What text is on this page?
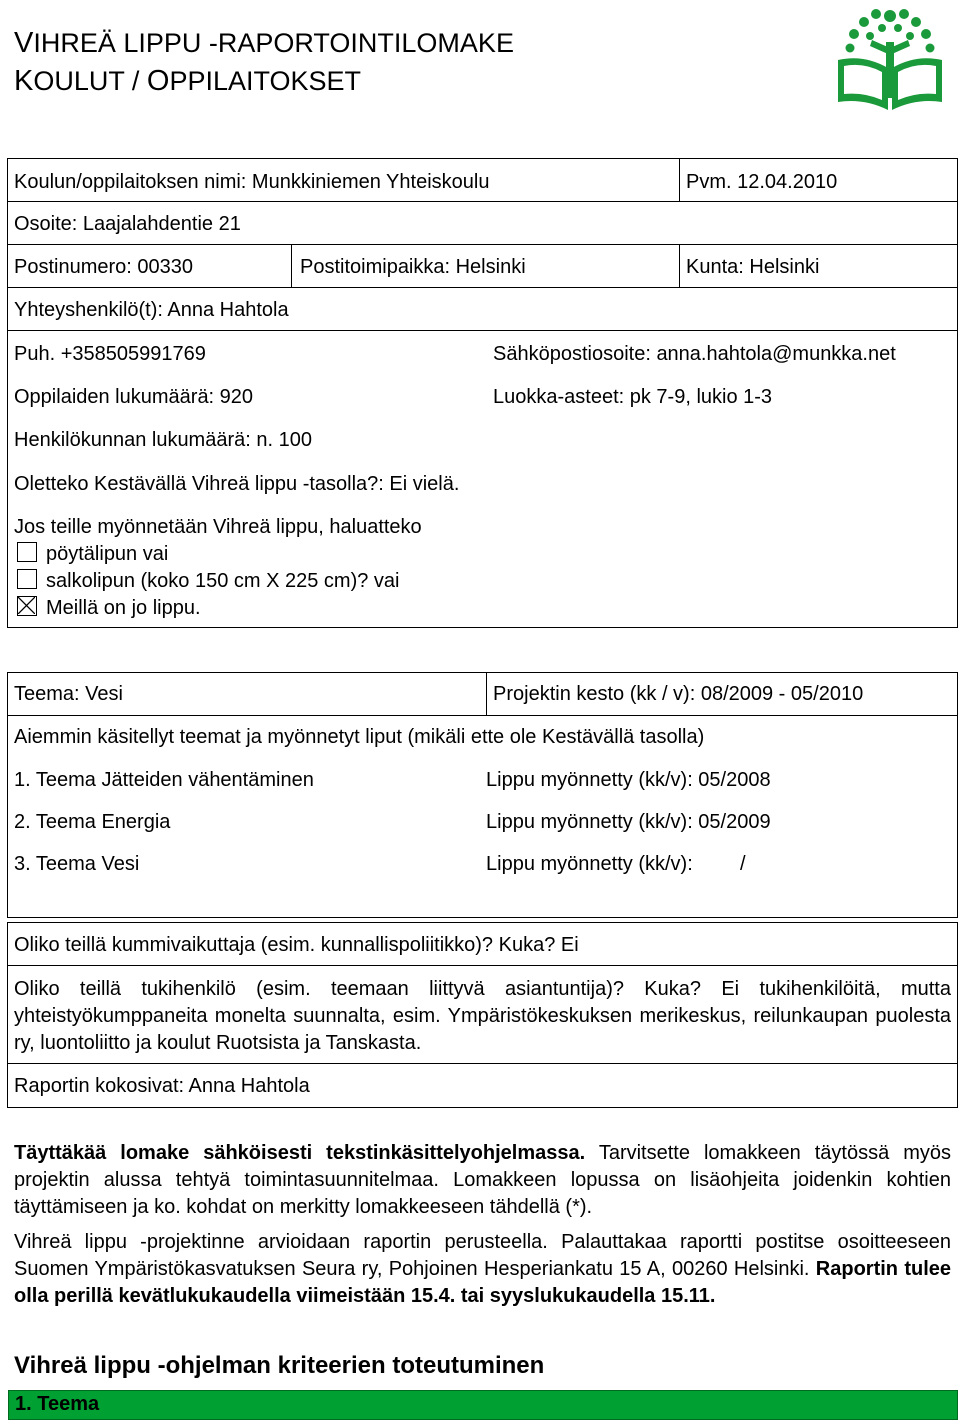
VIHREÄ LIPPU -RAPORTOINTILOMAKE
KOULUT / OPPILAITOKSET
Koulun/oppilaitoksen nimi: Munkkiniemen Yhteiskoulu	Pvm. 12.04.2010
Osoite: Laajalahdentie 21
Postinumero: 00330	Postitoimipaikka: Helsinki	Kunta: Helsinki
Yhteyshenkilö(t): Anna Hahtola
Puh. +358505991769	Sähköpostiosoite: anna.hahtola@munkka.net
Oppilaiden lukumäärä: 920	Luokka-asteet: pk 7-9, lukio 1-3
Henkilökunnan lukumäärä: n. 100
Oletteko Kestävällä Vihreä lippu -tasolla?: Ei vielä.
Jos teille myönnetään Vihreä lippu, haluatteko
pöytälipun vai
salkolipun (koko 150 cm X 225 cm)? vai
Meillä on jo lippu.
Teema: Vesi	Projektin kesto (kk / v): 08/2009 - 05/2010
Aiemmin käsitellyt teemat ja myönnetyt liput (mikäli ette ole Kestävällä tasolla)
1. Teema Jätteiden vähentäminen	Lippu myönnetty (kk/v): 05/2008
2. Teema Energia	Lippu myönnetty (kk/v): 05/2009
3. Teema Vesi	Lippu myönnetty (kk/v): /
Oliko teillä kummivaikuttaja (esim. kunnallispoliitikko)? Kuka? Ei
Oliko teillä tukihenkilö (esim. teemaan liittyvä asiantuntija)? Kuka? Ei tukihenkilöitä, mutta yhteistyökumppaneita monelta suunnalta, esim. Ympäristökeskuksen merikeskus, reilunkaupan puolesta ry, luontoliitto ja koulut Ruotsista ja Tanskasta.
Raportin kokosivat: Anna Hahtola
Täyttäkää lomake sähköisesti tekstinkäsittelyohjelmassa. Tarvitsette lomakkeen täytössä myös projektin alussa tehtyä toimintasuunnitelmaa. Lomakkeen lopussa on lisäohjeita joidenkin kohtien täyttämiseen ja ko. kohdat on merkitty lomakkeeseen tähdellä (*).
Vihreä lippu -projektinne arvioidaan raportin perusteella. Palauttakaa raportti postitse osoitteeseen Suomen Ympäristökasvatuksen Seura ry, Pohjoinen Hesperiankatu 15 A, 00260 Helsinki. Raportin tulee olla perillä kevätlukukaudella viimeistään 15.4. tai syyslukukaudella 15.11.
Vihreä lippu -ohjelman kriteerien toteutuminen
1. Teema
